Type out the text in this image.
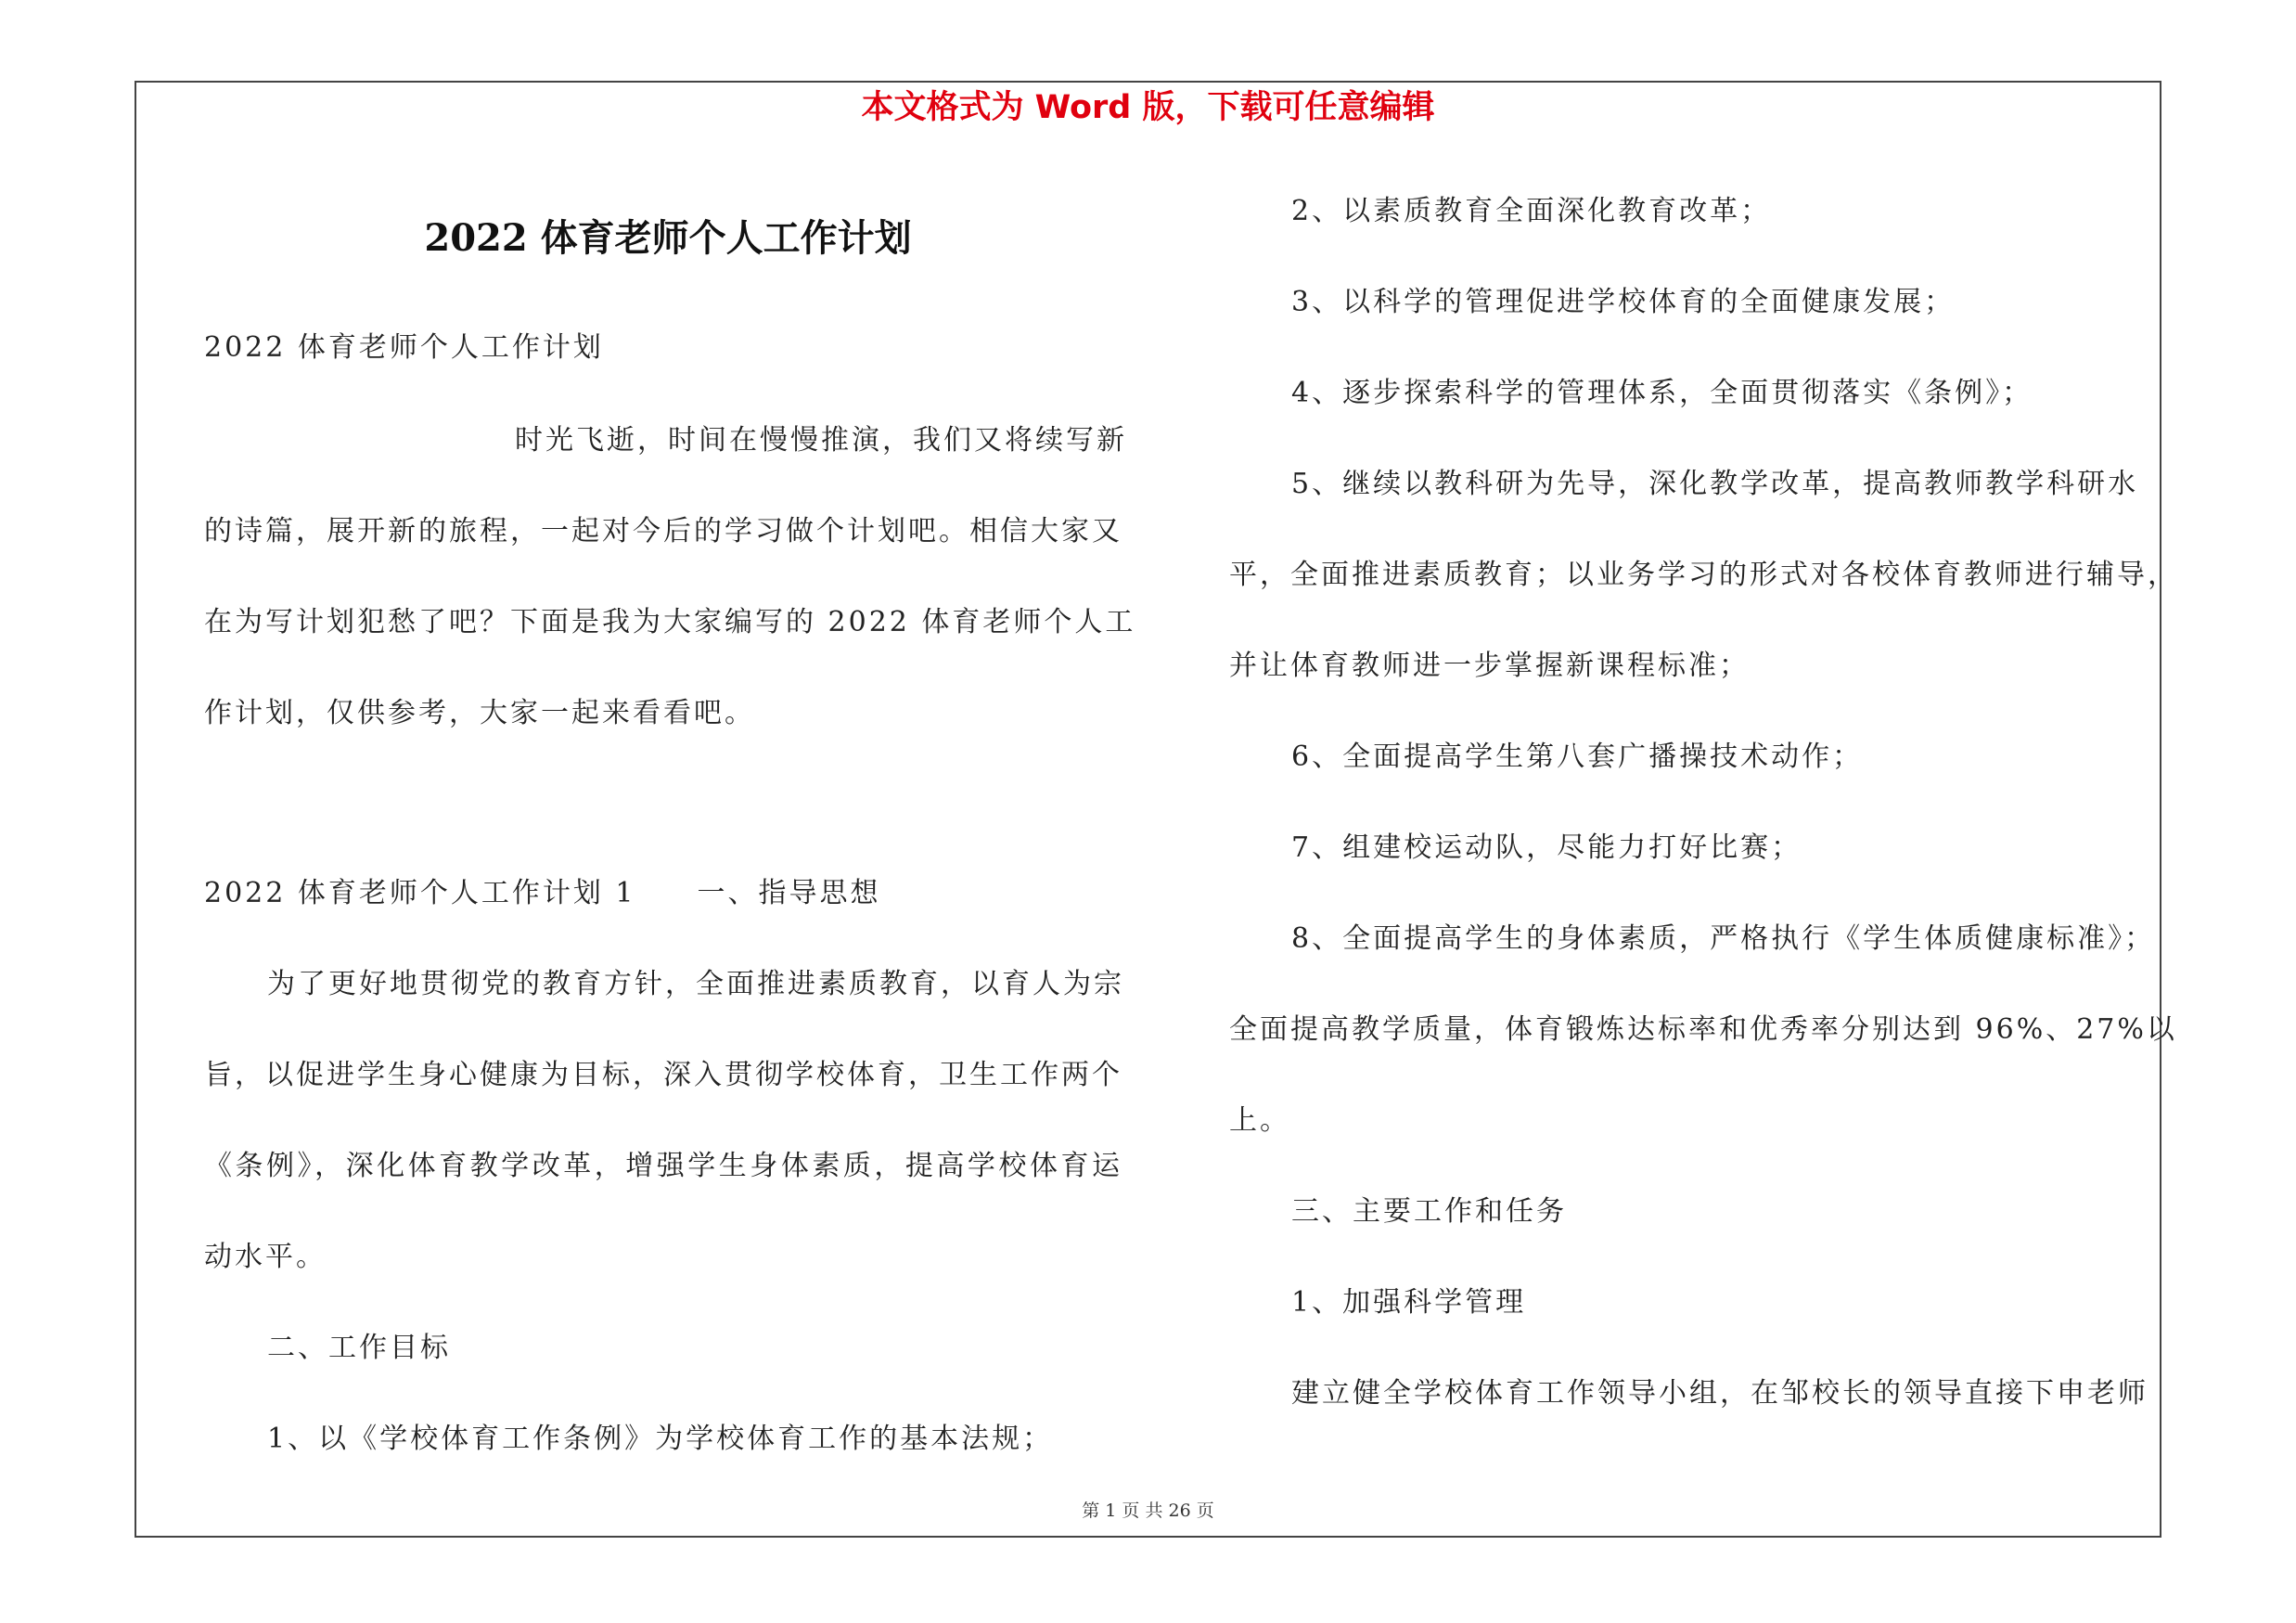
本文格式为 Word 版，下载可任意编辑
2022 体育老师个人工作计划
2022 体育老师个人工作计划
时光飞逝，时间在慢慢推演，我们又将续写新
的诗篇，展开新的旅程，一起对今后的学习做个计划吧。相信大家又
在为写计划犯愁了吧？下面是我为大家编写的 2022 体育老师个人工
作计划，仅供参考，大家一起来看看吧。
2022 体育老师个人工作计划 1　　一、指导思想
为了更好地贯彻党的教育方针，全面推进素质教育，以育人为宗
旨，以促进学生身心健康为目标，深入贯彻学校体育，卫生工作两个
《条例》，深化体育教学改革，增强学生身体素质，提高学校体育运
动水平。
二、工作目标
1、以《学校体育工作条例》为学校体育工作的基本法规；
2、以素质教育全面深化教育改革；
3、以科学的管理促进学校体育的全面健康发展；
4、逐步探索科学的管理体系，全面贯彻落实《条例》；
5、继续以教科研为先导，深化教学改革，提高教师教学科研水
平，全面推进素质教育；以业务学习的形式对各校体育教师进行辅导，
并让体育教师进一步掌握新课程标准；
6、全面提高学生第八套广播操技术动作；
7、组建校运动队，尽能力打好比赛；
8、全面提高学生的身体素质，严格执行《学生体质健康标准》；
全面提高教学质量，体育锻炼达标率和优秀率分别达到 96%、27%以
上。
三、主要工作和任务
1、加强科学管理
建立健全学校体育工作领导小组，在邹校长的领导直接下申老师
第 1 页 共 26 页
